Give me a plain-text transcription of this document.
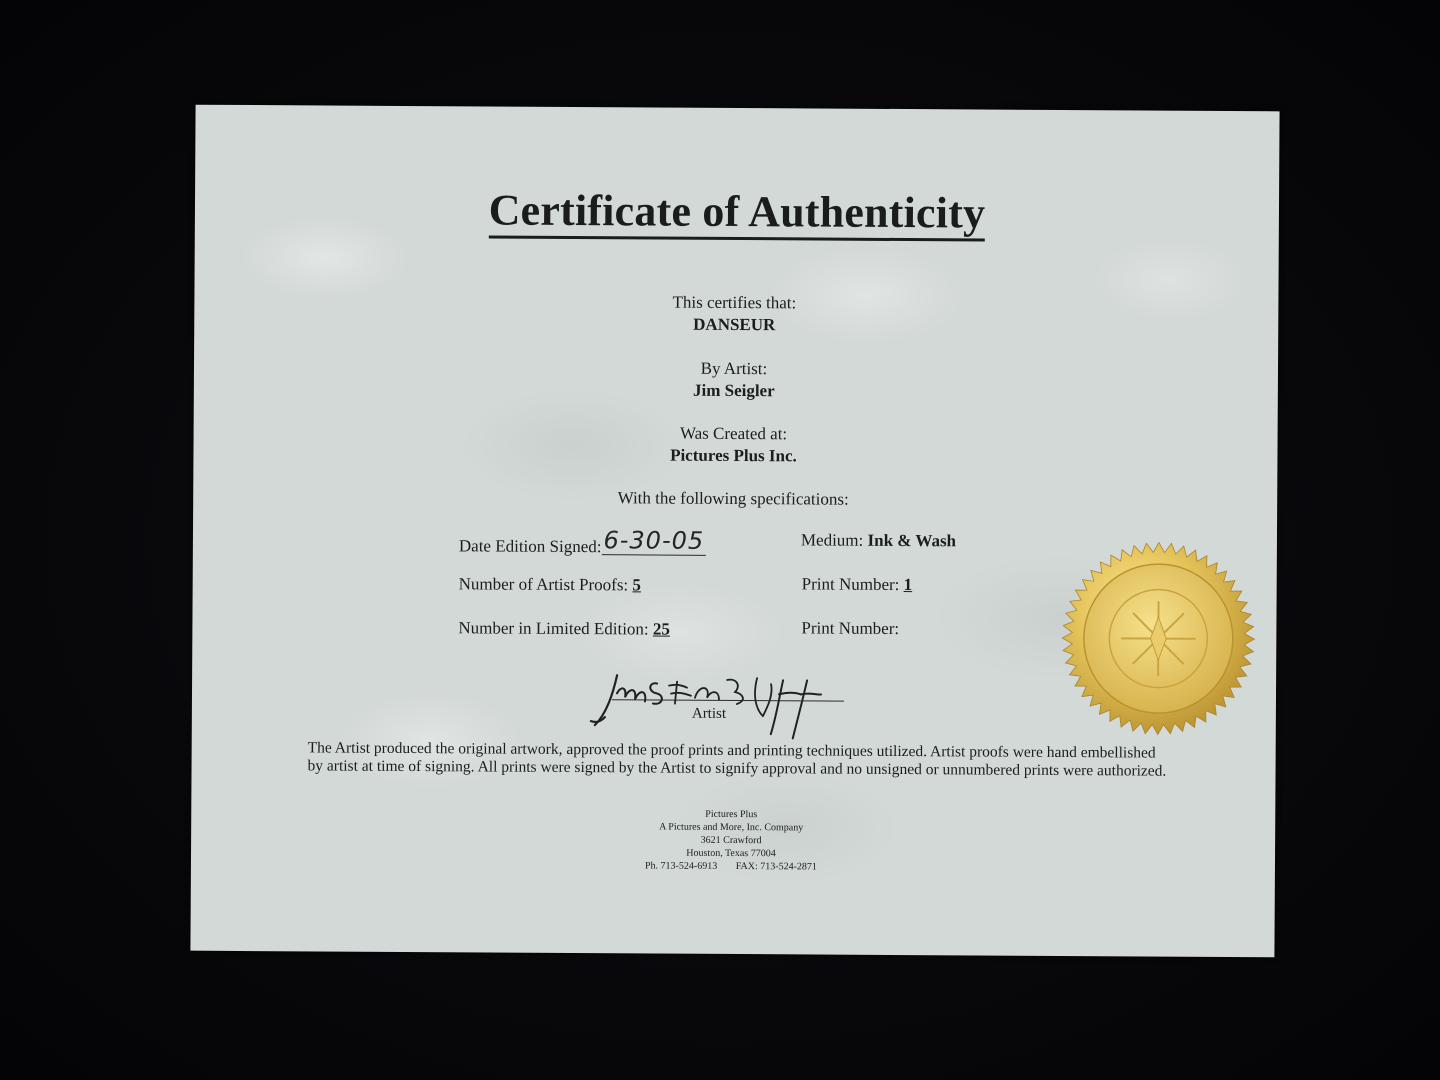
Certificate of Authenticity
This certifies that:
DANSEUR
By Artist:
Jim Seigler
Was Created at:
Pictures Plus Inc.
With the following specifications:
Date Edition Signed:6-30-05	Medium: Ink & Wash
Number of Artist Proofs: 5	Print Number: 1
Number in Limited Edition: 25	Print Number:
Artist
The Artist produced the original artwork, approved the proof prints and printing techniques utilized. Artist proofs were hand embellished by artist at time of signing. All prints were signed by the Artist to signify approval and no unsigned or unnumbered prints were authorized.
Pictures Plus
A Pictures and More, Inc. Company
3621 Crawford
Houston, Texas 77004
Ph. 713-524-6913 FAX: 713-524-2871
